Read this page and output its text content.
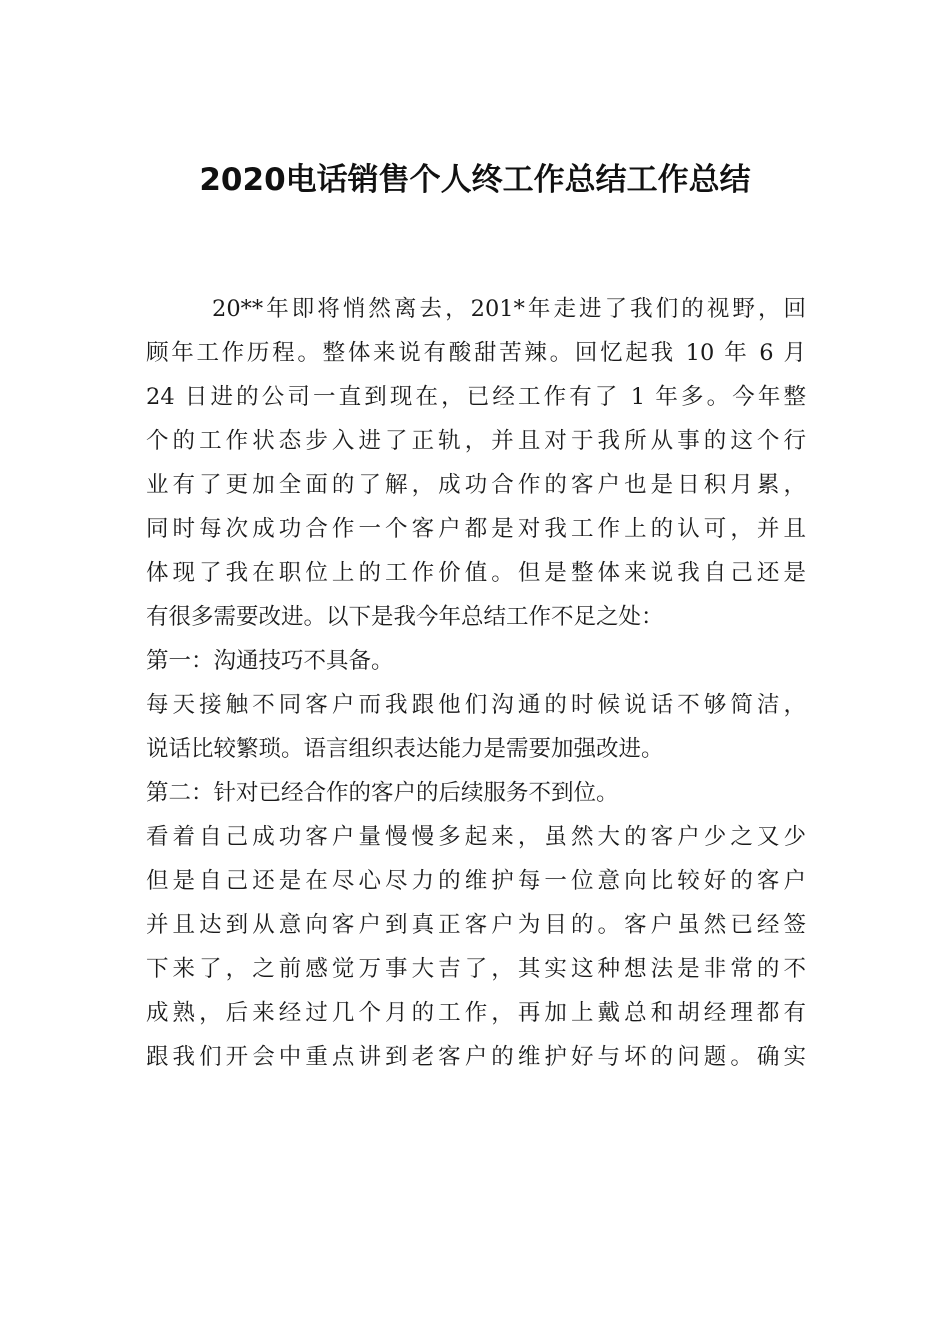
2020电话销售个人终工作总结工作总结
20**年即将悄然离去，201*年走进了我们的视野，回
顾年工作历程。整体来说有酸甜苦辣。回忆起我 10 年 6 月
24 日进的公司一直到现在，已经工作有了 1 年多。今年整
个的工作状态步入进了正轨，并且对于我所从事的这个行
业有了更加全面的了解，成功合作的客户也是日积月累，
同时每次成功合作一个客户都是对我工作上的认可，并且
体现了我在职位上的工作价值。但是整体来说我自己还是
有很多需要改进。以下是我今年总结工作不足之处：
第一：沟通技巧不具备。
每天接触不同客户而我跟他们沟通的时候说话不够简洁，
说话比较繁琐。语言组织表达能力是需要加强改进。
第二：针对已经合作的客户的后续服务不到位。
看着自己成功客户量慢慢多起来，虽然大的客户少之又少
但是自己还是在尽心尽力的维护每一位意向比较好的客户
并且达到从意向客户到真正客户为目的。客户虽然已经签
下来了，之前感觉万事大吉了，其实这种想法是非常的不
成熟，后来经过几个月的工作，再加上戴总和胡经理都有
跟我们开会中重点讲到老客户的维护好与坏的问题。确实
